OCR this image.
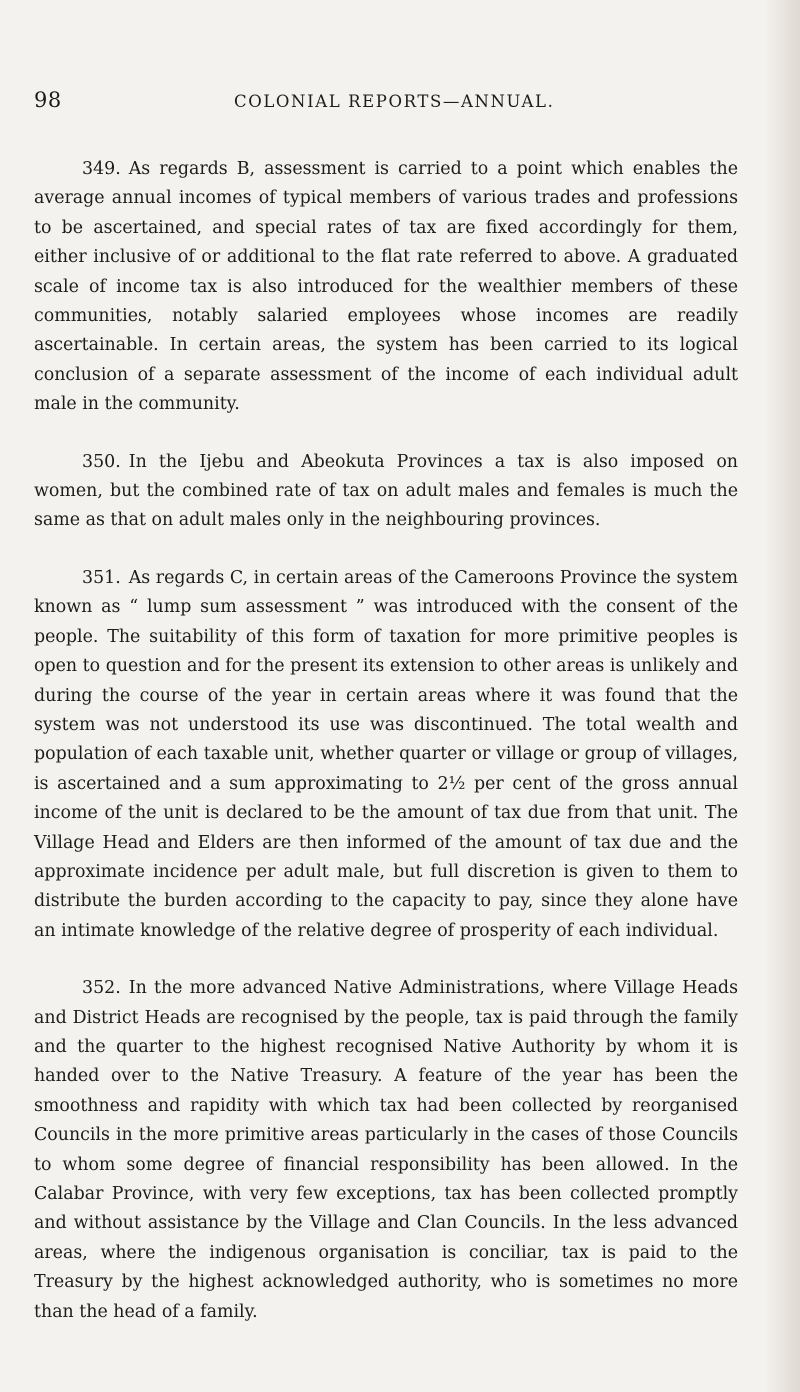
98	COLONIAL REPORTS—ANNUAL.

349. As regards B, assessment is carried to a point which enables the average annual incomes of typical members of various trades and professions to be ascertained, and special rates of tax are fixed accordingly for them, either inclusive of or additional to the flat rate referred to above. A graduated scale of income tax is also introduced for the wealthier members of these communities, notably salaried employees whose incomes are readily ascertainable. In certain areas, the system has been carried to its logical conclusion of a separate assessment of the income of each individual adult male in the community.

350. In the Ijebu and Abeokuta Provinces a tax is also imposed on women, but the combined rate of tax on adult males and females is much the same as that on adult males only in the neighbouring provinces.

351. As regards C, in certain areas of the Cameroons Province the system known as “ lump sum assessment ” was introduced with the consent of the people. The suitability of this form of taxation for more primitive peoples is open to question and for the present its extension to other areas is unlikely and during the course of the year in certain areas where it was found that the system was not understood its use was discontinued. The total wealth and population of each taxable unit, whether quarter or village or group of villages, is ascertained and a sum approximating to 2½ per cent of the gross annual income of the unit is declared to be the amount of tax due from that unit. The Village Head and Elders are then informed of the amount of tax due and the approximate incidence per adult male, but full discretion is given to them to distribute the burden according to the capacity to pay, since they alone have an intimate knowledge of the relative degree of prosperity of each individual.

352. In the more advanced Native Administrations, where Village Heads and District Heads are recognised by the people, tax is paid through the family and the quarter to the highest recognised Native Authority by whom it is handed over to the Native Treasury. A feature of the year has been the smoothness and rapidity with which tax had been collected by reorganised Councils in the more primitive areas particularly in the cases of those Councils to whom some degree of financial responsibility has been allowed. In the Calabar Province, with very few exceptions, tax has been collected promptly and without assistance by the Village and Clan Councils. In the less advanced areas, where the indigenous organisation is conciliar, tax is paid to the Treasury by the highest acknowledged authority, who is sometimes no more than the head of a family.
